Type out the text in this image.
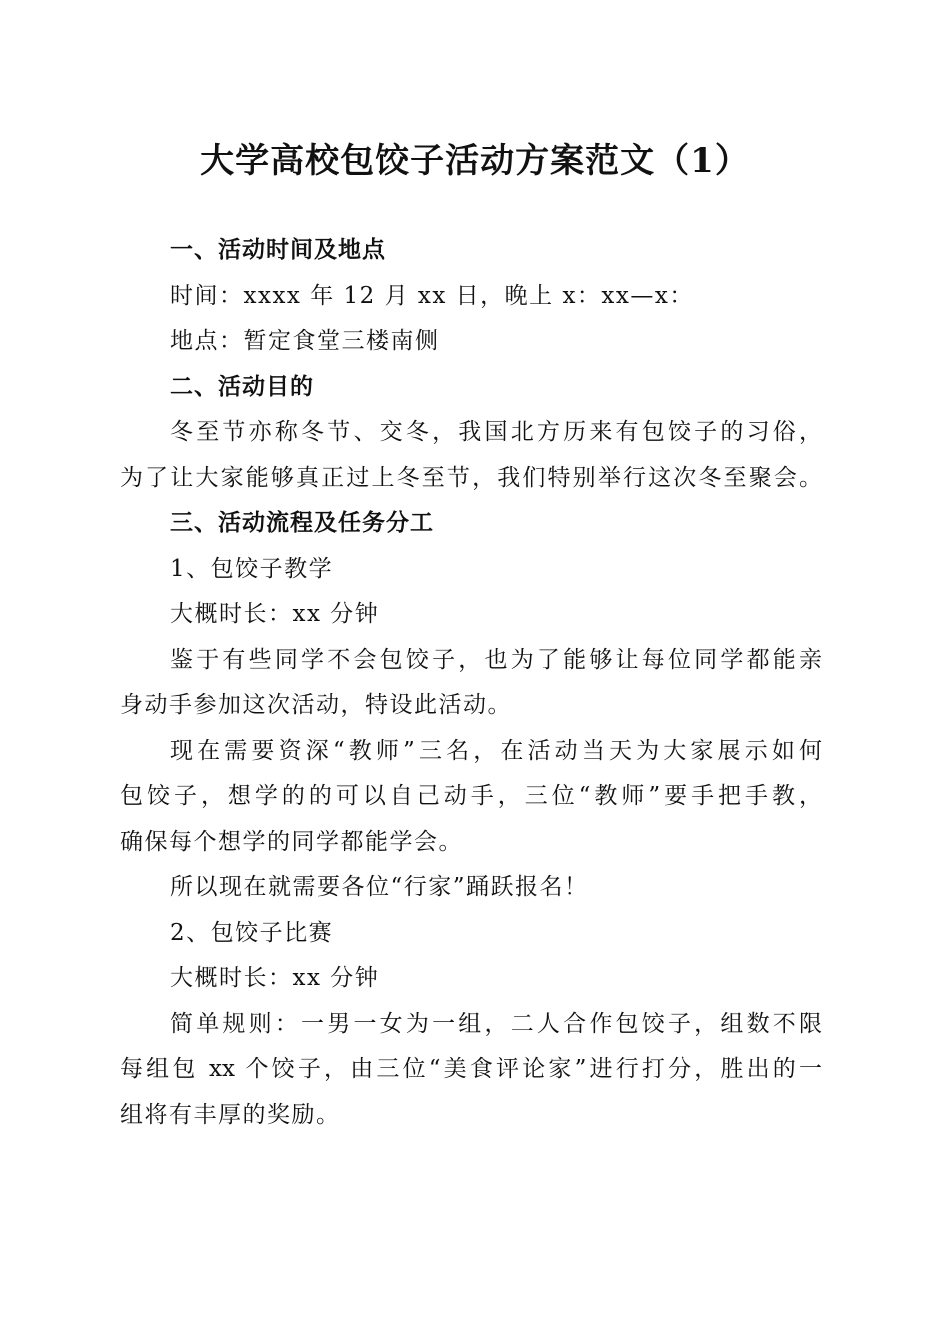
大学高校包饺子活动方案范文（1）
一、活动时间及地点
时间：xxxx 年 12 月 xx 日，晚上 x：xx—x：
地点：暂定食堂三楼南侧
二、活动目的
冬至节亦称冬节、交冬，我国北方历来有包饺子的习俗，
为了让大家能够真正过上冬至节，我们特别举行这次冬至聚会。
三、活动流程及任务分工
1、包饺子教学
大概时长：xx 分钟
鉴于有些同学不会包饺子，也为了能够让每位同学都能亲
身动手参加这次活动，特设此活动。
现在需要资深“教师”三名，在活动当天为大家展示如何
包饺子，想学的的可以自己动手，三位“教师”要手把手教，
确保每个想学的同学都能学会。
所以现在就需要各位“行家”踊跃报名！
2、包饺子比赛
大概时长：xx 分钟
简单规则：一男一女为一组，二人合作包饺子，组数不限
每组包 xx 个饺子，由三位“美食评论家”进行打分，胜出的一
组将有丰厚的奖励。
